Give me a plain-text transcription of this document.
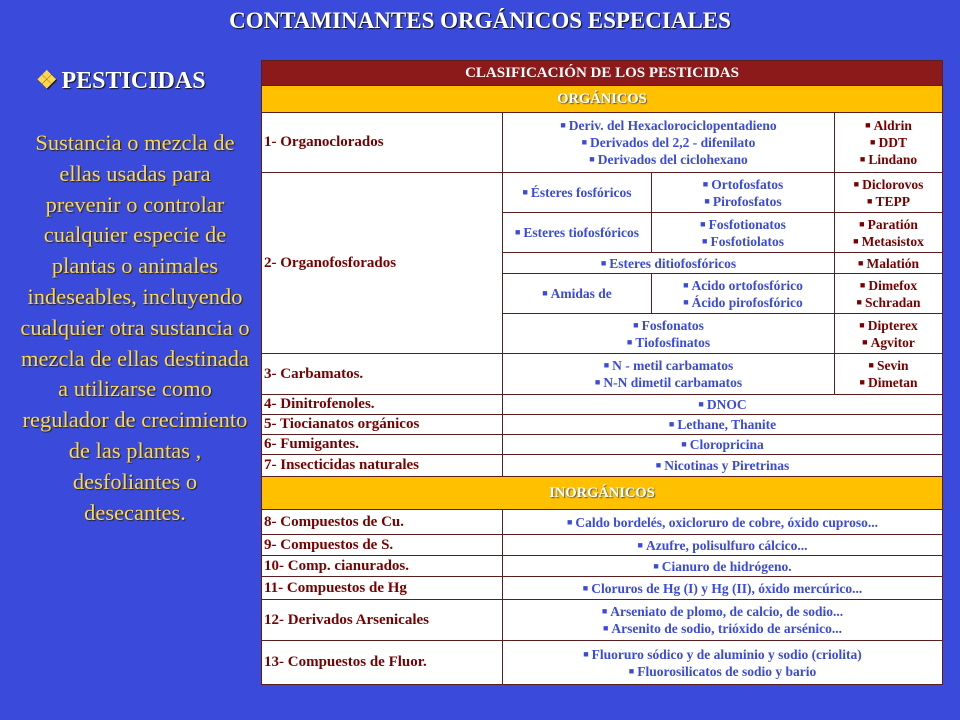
CONTAMINANTES ORGÁNICOS ESPECIALES
❖ PESTICIDAS
Sustancia o mezcla de ellas usadas para prevenir o controlar cualquier especie de plantas o animales indeseables, incluyendo cualquier otra sustancia o mezcla de ellas destinada a utilizarse como regulador de crecimiento de las plantas , desfoliantes o desecantes.
CLASIFICACIÓN DE LOS PESTICIDAS			
ORGÁNICOS			
1- Organoclorados	■ Deriv. del Hexaclorociclopentadieno
■ Derivados del 2,2 - difenilato
■ Derivados del ciclohexano		■ Aldrin
■ DDT
■ Lindano

2- Organofosforados	■ Ésteres fosfóricos	■ Ortofosfatos
■ Pirofosfatos	■ Diclorovos
■ TEPP

	■ Esteres tiofosfóricos	■ Fosfotionatos
■ Fosfotiolatos	■ Paratión
■ Metasistox

	■ Esteres ditiofosfóricos		■ Malatión

	■ Amidas de	■ Acido ortofosfórico
■ Ácido pirofosfórico	■ Dimefox
■ Schradan

	■ Fosfonatos
■ Tiofosfinatos		■ Dipterex
■ Agvitor

3- Carbamatos.	■ N - metil carbamatos
■ N-N dimetil carbamatos		■ Sevin
■ Dimetan

4- Dinitrofenoles.	■ DNOC		

5- Tiocianatos orgánicos	■ Lethane, Thanite		

6- Fumigantes.	■ Cloropricina		

7- Insecticidas naturales	■ Nicotinas y Piretrinas		

INORGÁNICOS			
8- Compuestos de Cu.	■ Caldo bordelés, oxicloruro de cobre, óxido cuproso...		

9- Compuestos de S.	■ Azufre, polisulfuro cálcico...		

10- Comp. cianurados.	■ Cianuro de hidrógeno.		

11- Compuestos de Hg	■ Cloruros de Hg (I) y Hg (II), óxido mercúrico...		

12- Derivados Arsenicales	■ Arseniato de plomo, de calcio, de sodio...
■ Arsenito de sodio, trióxido de arsénico...		

13- Compuestos de Fluor.	■ Fluoruro sódico y de aluminio y sodio (criolita)
■ Fluorosilicatos de sodio y bario		
